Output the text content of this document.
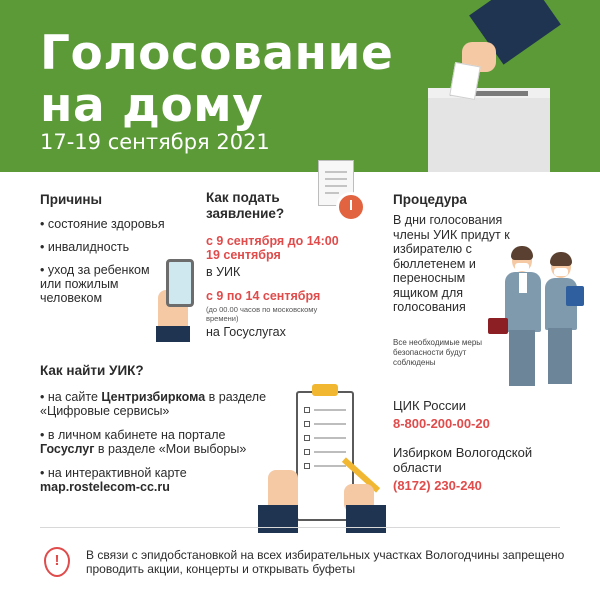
Голосование
на дому
17-19 сентября 2021
Причины
• состояние здоровья
• инвалидность
• уход за ребенком или пожилым человеком
Как подать заявление?
с 9 сентября до 14:00 19 сентября
в УИК
с 9 по 14 сентября
(до 00.00 часов по московскому времени)
на Госуслугах
Процедура
В дни голосования члены УИК придут к избирателю с бюллетенем и переносным ящиком для голосования
Все необходимые меры безопасности будут соблюдены
Как найти УИК?
• на сайте Центризбиркома в разделе «Цифровые сервисы»
• в личном кабинете на портале Госуслуг в разделе «Мои выборы»
• на интерактивной карте
map.rostelecom-cc.ru
ЦИК России
8-800-200-00-20
Избирком Вологодской области
(8172) 230-240
!	В связи с эпидобстановкой на всех избирательных участках Вологодчины запрещено проводить акции, концерты и открывать буфеты
